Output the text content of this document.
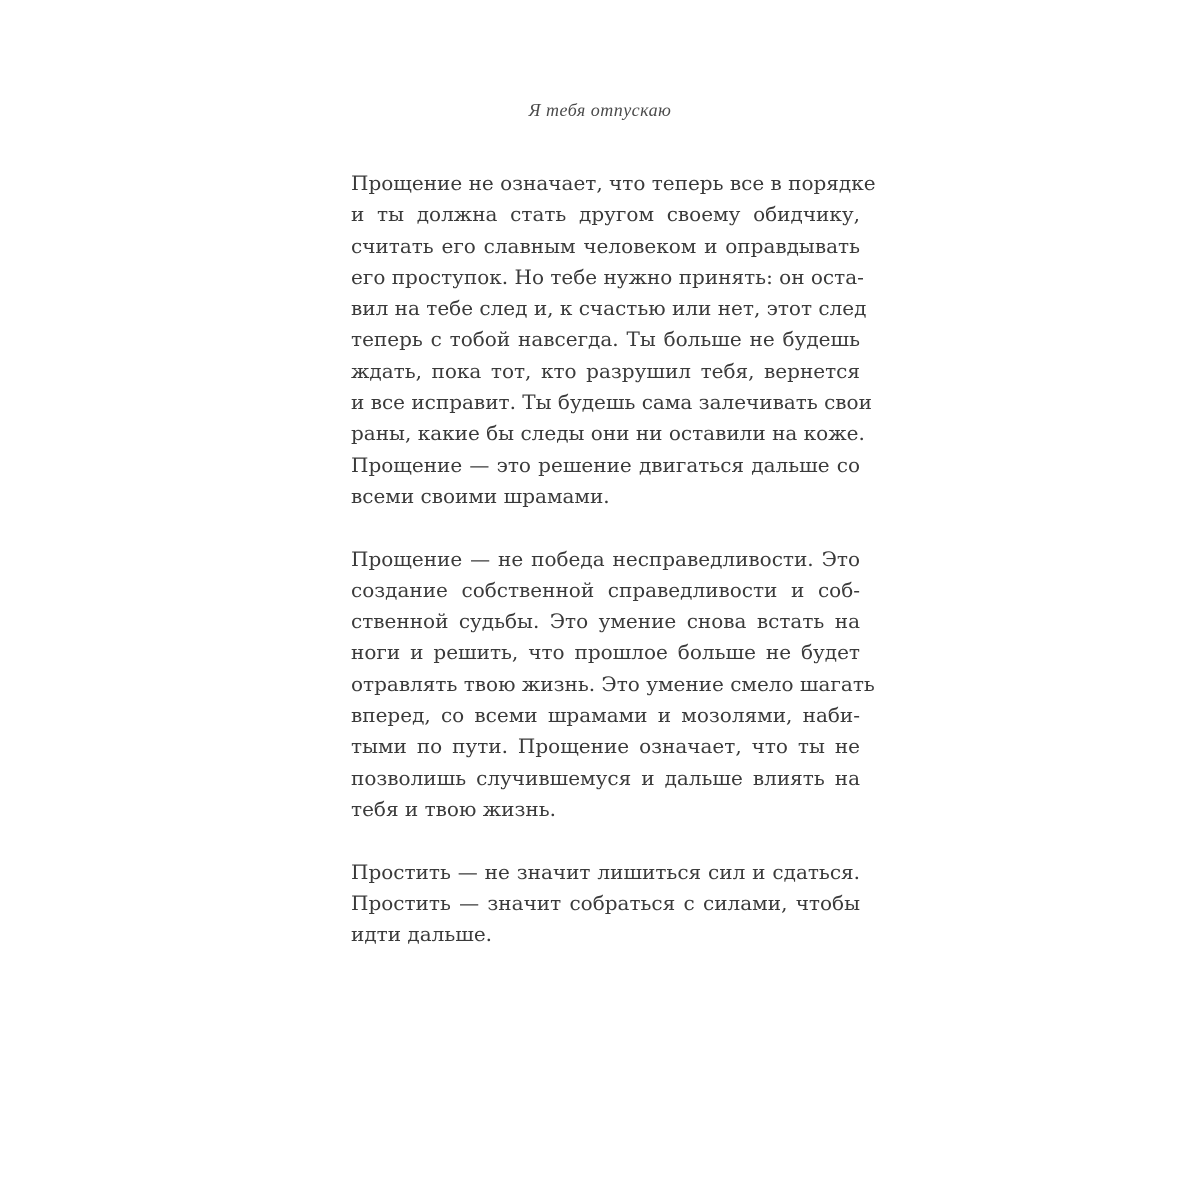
Я тебя отпускаю
Прощение не означает, что теперь все в порядке
и ты должна стать другом своему обидчику,
считать его славным человеком и оправдывать
его проступок. Но тебе нужно принять: он оста-
вил на тебе след и, к счастью или нет, этот след
теперь с тобой навсегда. Ты больше не будешь
ждать, пока тот, кто разрушил тебя, вернется
и все исправит. Ты будешь сама залечивать свои
раны, какие бы следы они ни оставили на коже.
Прощение — это решение двигаться дальше со
всеми своими шрамами.
Прощение — не победа несправедливости. Это
создание собственной справедливости и соб-
ственной судьбы. Это умение снова встать на
ноги и решить, что прошлое больше не будет
отравлять твою жизнь. Это умение смело шагать
вперед, со всеми шрамами и мозолями, наби-
тыми по пути. Прощение означает, что ты не
позволишь случившемуся и дальше влиять на
тебя и твою жизнь.
Простить — не значит лишиться сил и сдаться.
Простить — значит собраться с силами, чтобы
идти дальше.
